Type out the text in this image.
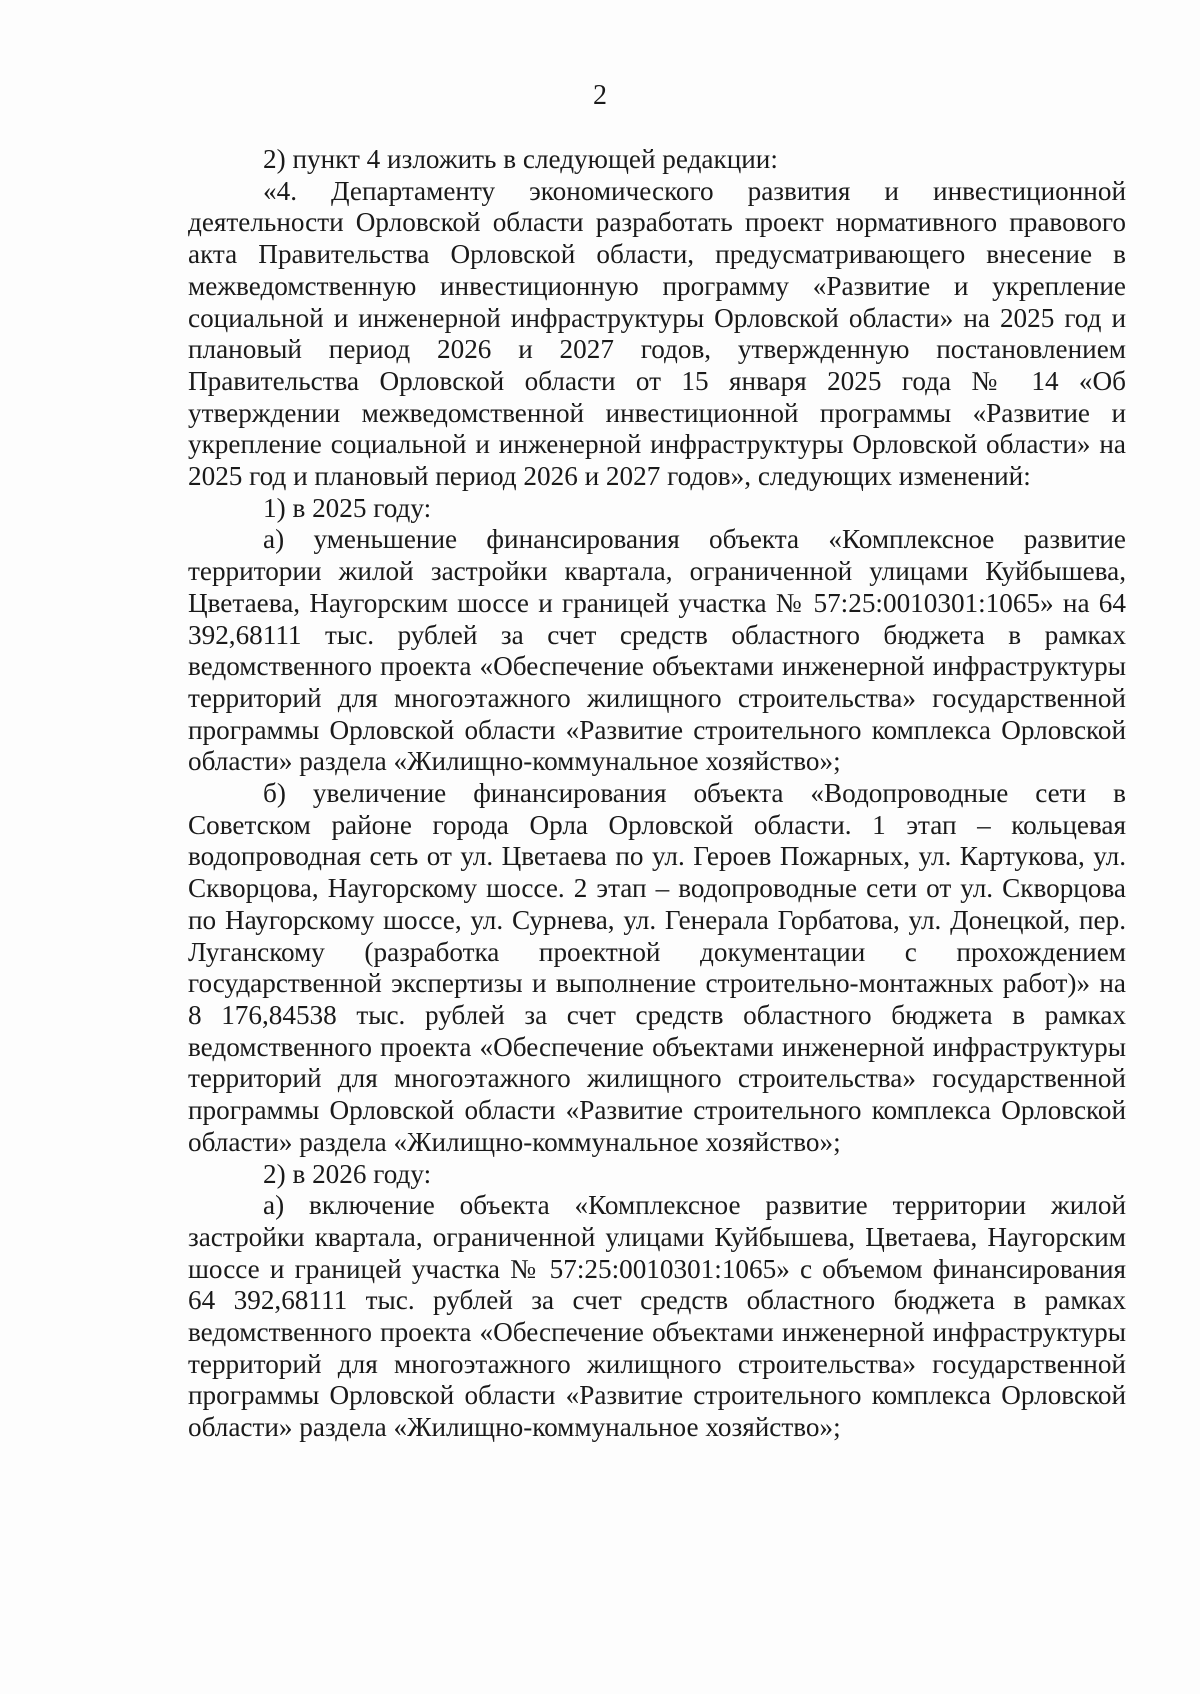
2

2) пункт 4 изложить в следующей редакции:

«4. Департаменту экономического развития и инвестиционной деятельности Орловской области разработать проект нормативного правового акта Правительства Орловской области, предусматривающего внесение в межведомственную инвестиционную программу «Развитие и укрепление социальной и инженерной инфраструктуры Орловской области» на 2025 год и плановый период 2026 и 2027 годов, утвержденную постановлением Правительства Орловской области от 15 января 2025 года № 14 «Об утверждении межведомственной инвестиционной программы «Развитие и укрепление социальной и инженерной инфраструктуры Орловской области» на 2025 год и плановый период 2026 и 2027 годов», следующих изменений:

1) в 2025 году:

а) уменьшение финансирования объекта «Комплексное развитие территории жилой застройки квартала, ограниченной улицами Куйбышева, Цветаева, Наугорским шоссе и границей участка № 57:25:0010301:1065» на 64 392,68111 тыс. рублей за счет средств областного бюджета в рамках ведомственного проекта «Обеспечение объектами инженерной инфраструктуры территорий для многоэтажного жилищного строительства» государственной программы Орловской области «Развитие строительного комплекса Орловской области» раздела «Жилищно-коммунальное хозяйство»;

б) увеличение финансирования объекта «Водопроводные сети в Советском районе города Орла Орловской области. 1 этап – кольцевая водопроводная сеть от ул. Цветаева по ул. Героев Пожарных, ул. Картукова, ул. Скворцова, Наугорскому шоссе. 2 этап – водопроводные сети от ул. Скворцова по Наугорскому шоссе, ул. Сурнева, ул. Генерала Горбатова, ул. Донецкой, пер. Луганскому (разработка проектной документации с прохождением государственной экспертизы и выполнение строительно-монтажных работ)» на 8 176,84538 тыс. рублей за счет средств областного бюджета в рамках ведомственного проекта «Обеспечение объектами инженерной инфраструктуры территорий для многоэтажного жилищного строительства» государственной программы Орловской области «Развитие строительного комплекса Орловской области» раздела «Жилищно-коммунальное хозяйство»;

2) в 2026 году:

а) включение объекта «Комплексное развитие территории жилой застройки квартала, ограниченной улицами Куйбышева, Цветаева, Наугорским шоссе и границей участка № 57:25:0010301:1065» с объемом финансирования 64 392,68111 тыс. рублей за счет средств областного бюджета в рамках ведомственного проекта «Обеспечение объектами инженерной инфраструктуры территорий для многоэтажного жилищного строительства» государственной программы Орловской области «Развитие строительного комплекса Орловской области» раздела «Жилищно-коммунальное хозяйство»;
